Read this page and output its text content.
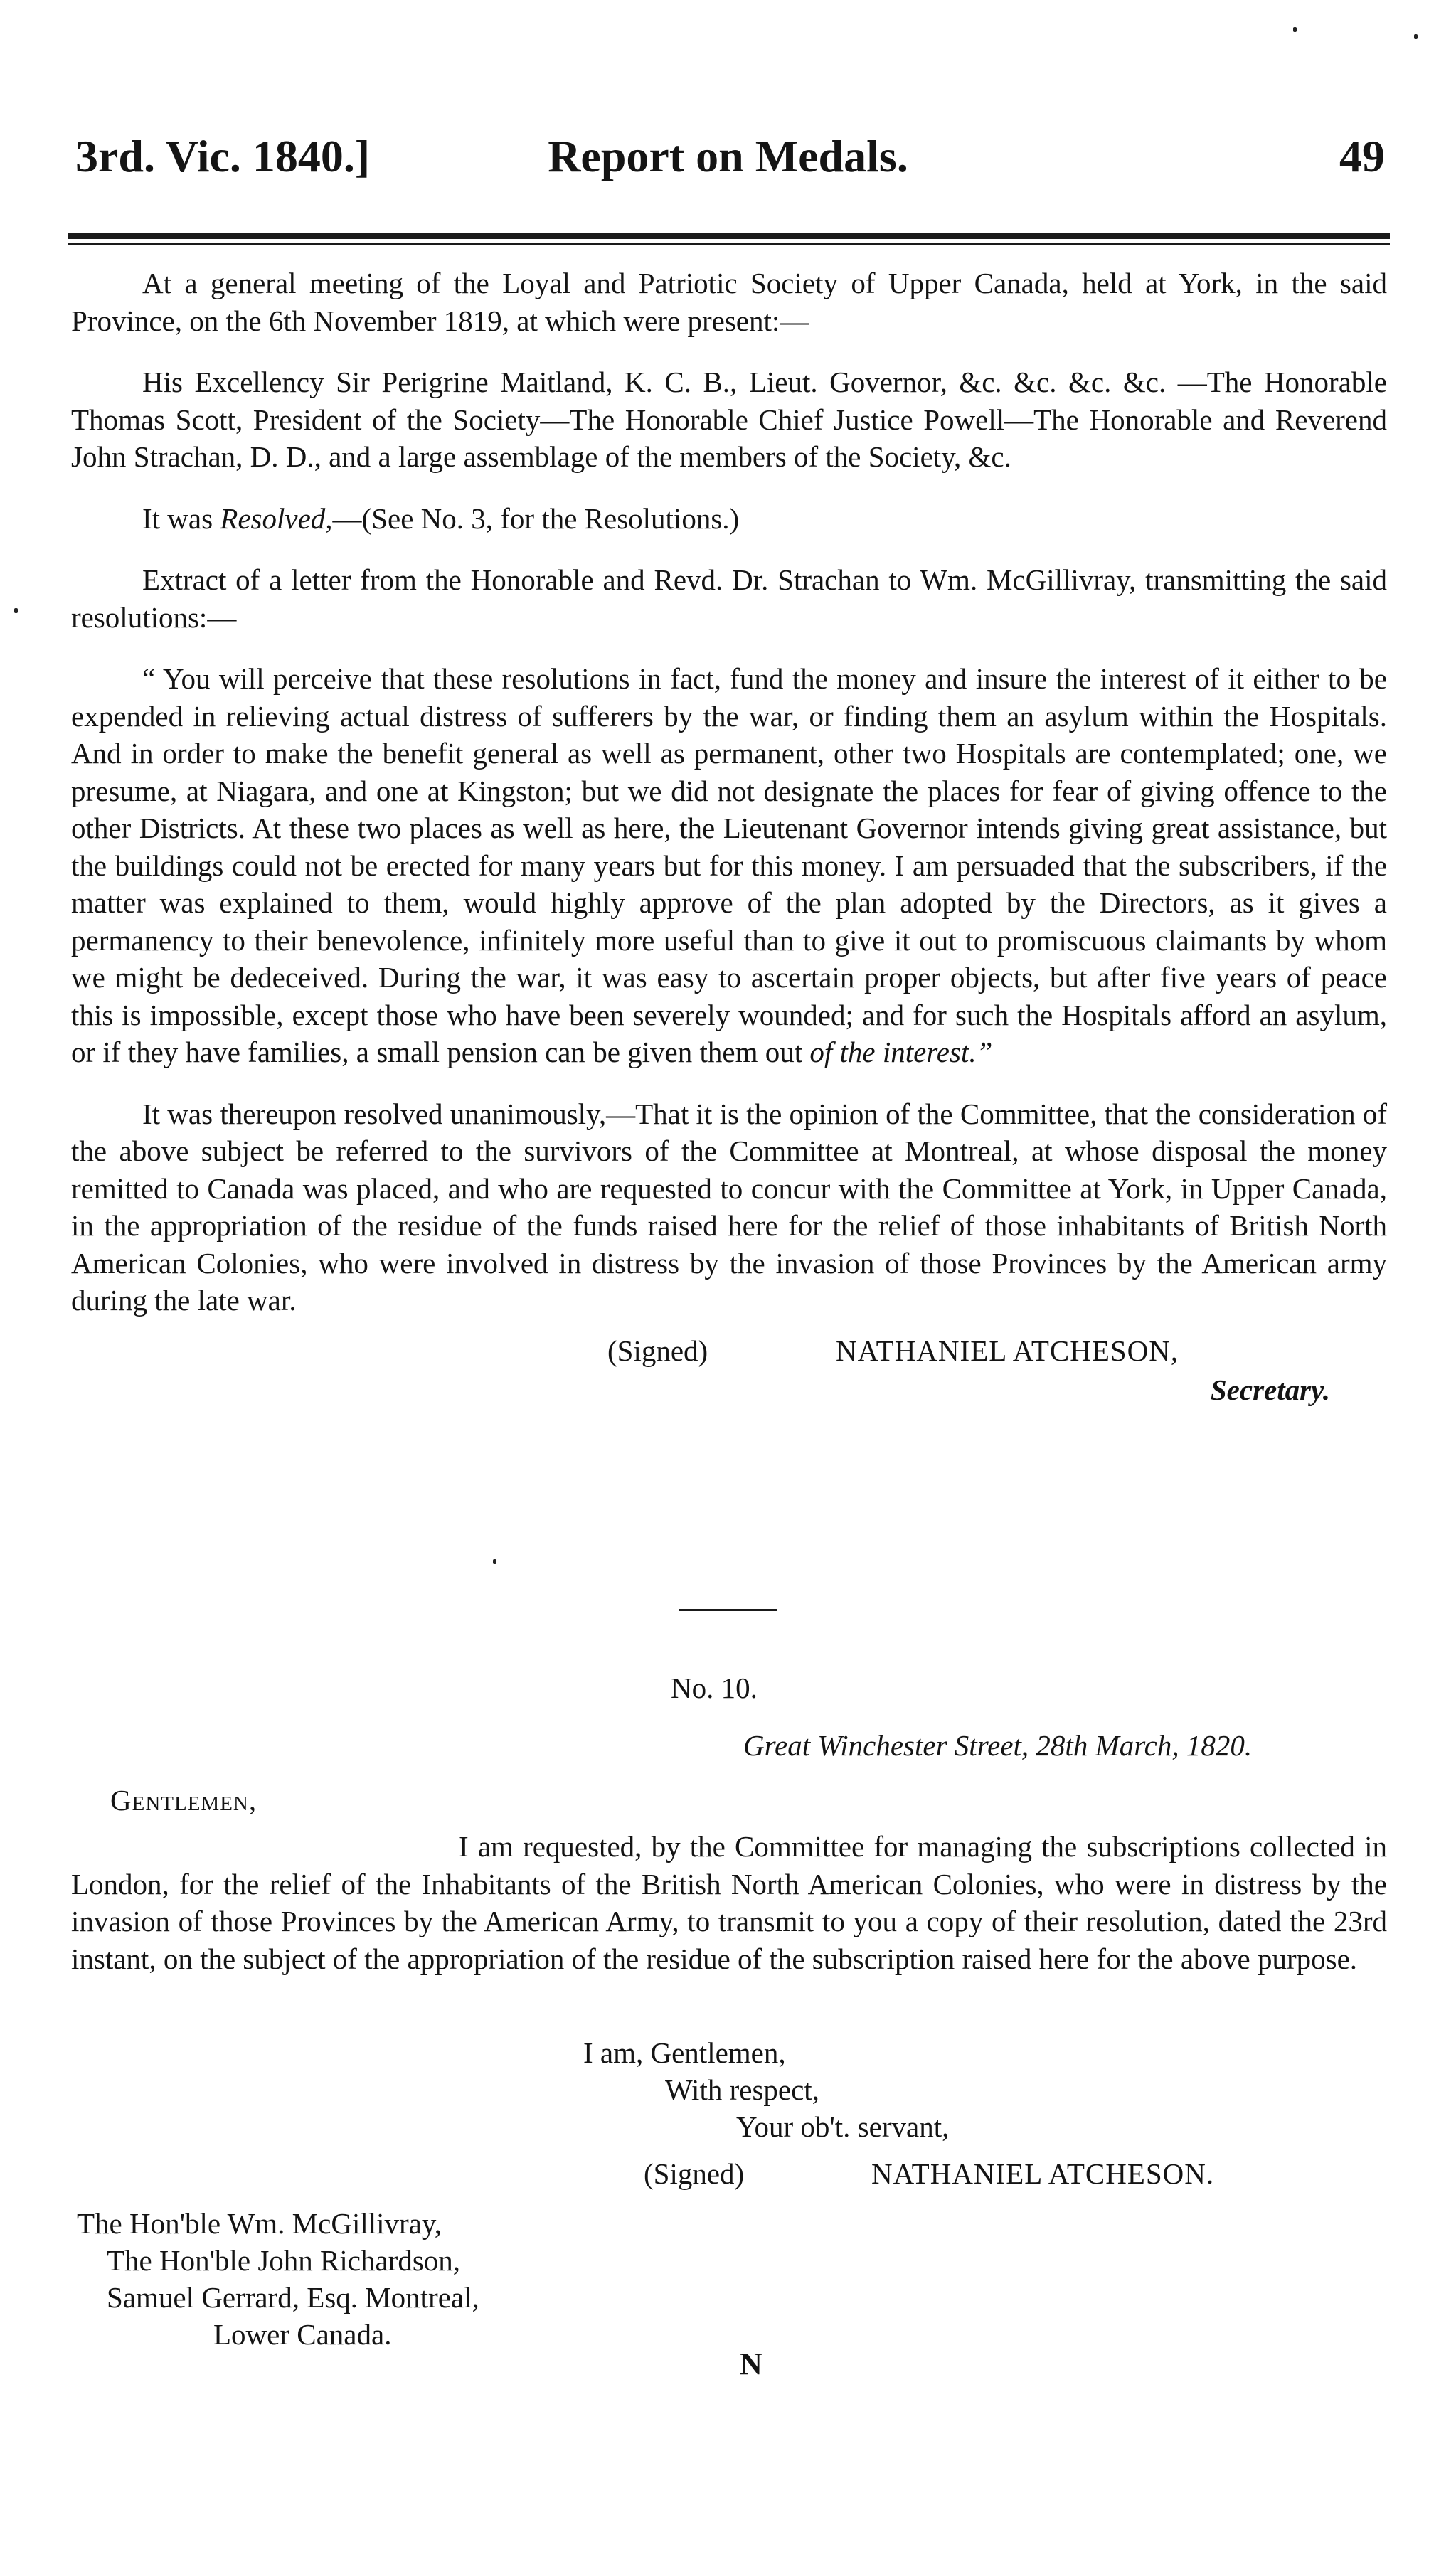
Report on Medals.
3rd. Vic. 1840.]	49

At a general meeting of the Loyal and Patriotic Society of Upper Canada, held at York, in the said Province, on the 6th November 1819, at which were present:—

His Excellency Sir Perigrine Maitland, K. C. B., Lieut. Governor, &c. &c. &c. &c. —The Honorable Thomas Scott, President of the Society—The Honorable Chief Justice Powell—The Honorable and Reverend John Strachan, D. D., and a large assemblage of the members of the Society, &c.

It was Resolved,—(See No. 3, for the Resolutions.)

Extract of a letter from the Honorable and Revd. Dr. Strachan to Wm. McGillivray, transmitting the said resolutions:—

“ You will perceive that these resolutions in fact, fund the money and insure the interest of it either to be expended in relieving actual distress of sufferers by the war, or finding them an asylum within the Hospitals. And in order to make the benefit general as well as permanent, other two Hospitals are contemplated; one, we presume, at Niagara, and one at Kingston; but we did not designate the places for fear of giving offence to the other Districts. At these two places as well as here, the Lieutenant Governor intends giving great assistance, but the buildings could not be erected for many years but for this money. I am persuaded that the subscribers, if the matter was explained to them, would highly approve of the plan adopted by the Directors, as it gives a permanency to their benevolence, infinitely more useful than to give it out to promiscuous claimants by whom we might be dedeceived. During the war, it was easy to ascertain proper objects, but after five years of peace this is impossible, except those who have been severely wounded; and for such the Hospitals afford an asylum, or if they have families, a small pension can be given them out of the interest.”

It was thereupon resolved unanimously,—That it is the opinion of the Committee, that the consideration of the above subject be referred to the survivors of the Committee at Montreal, at whose disposal the money remitted to Canada was placed, and who are requested to concur with the Committee at York, in Upper Canada, in the appropriation of the residue of the funds raised here for the relief of those inhabitants of British North American Colonies, who were involved in distress by the invasion of those Provinces by the American army during the late war.

(Signed)	NATHANIEL ATCHESON,

Secretary.

No. 10.
Great Winchester Street, 28th March, 1820.
Gentlemen,

I am requested, by the Committee for managing the subscriptions collected in London, for the relief of the Inhabitants of the British North American Colonies, who were in distress by the invasion of those Provinces by the American Army, to transmit to you a copy of their resolution, dated the 23rd instant, on the subject of the appropriation of the residue of the subscription raised here for the above purpose.

I am, Gentlemen,
With respect,
Your ob't. servant,
(Signed)	NATHANIEL ATCHESON.
The Hon'ble Wm. McGillivray,
The Hon'ble John Richardson,
Samuel Gerrard, Esq. Montreal,
Lower Canada.
N
